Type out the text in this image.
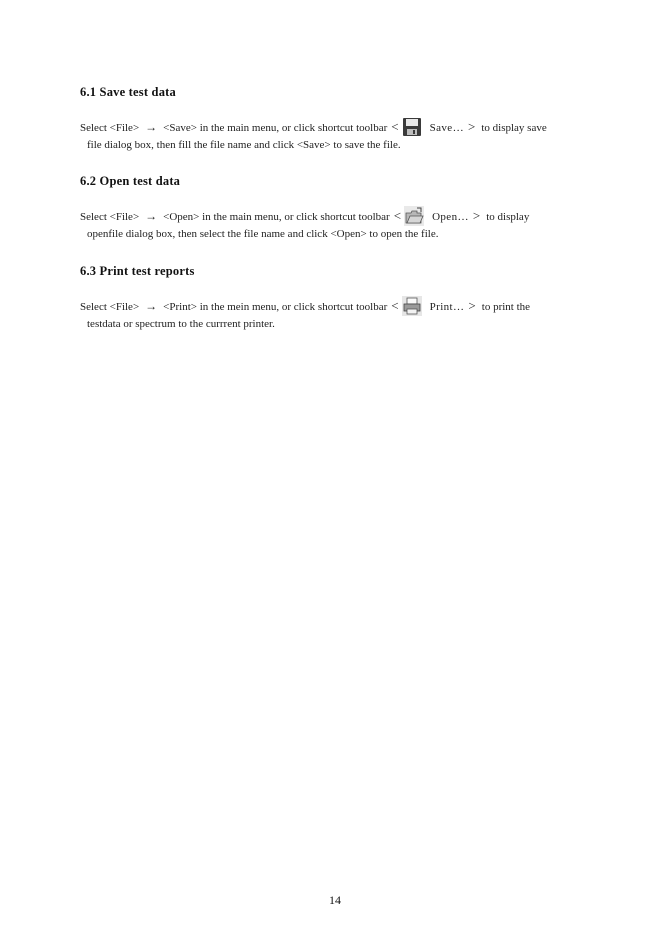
6.1 Save test data
Select <File> → <Save> in the main menu, or click shortcut toolbar <	Save… > to display save
file dialog box, then fill the file name and click <Save> to save the file.
6.2 Open test data
Select <File> → <Open> in the main menu, or click shortcut toolbar <	Open… > to display
openfile dialog box, then select the file name and click <Open> to open the file.
6.3 Print test reports
Select <File> → <Print> in the mein menu, or click shortcut toolbar <	Print… > to print the
testdata or spectrum to the currrent printer.
14
